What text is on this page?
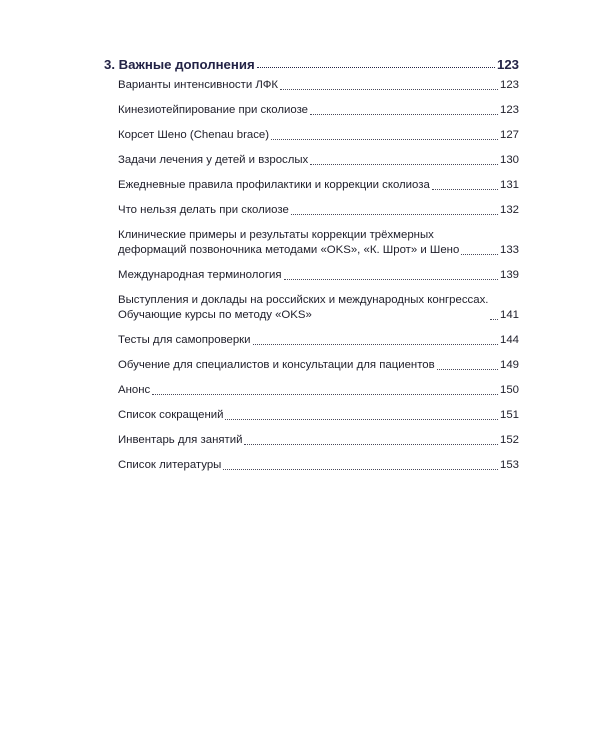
3. Важные дополнения	123
Варианты интенсивности ЛФК	123
Кинезиотейпирование при сколиозе	123
Корсет Шено (Chenau brace)	127
Задачи лечения у детей и взрослых	130
Ежедневные правила профилактики и коррекции сколиоза	131
Что нельзя делать при сколиозе	132
Клинические примеры и результаты коррекции трёхмерных
деформаций позвоночника методами «OKS», «К. Шрот» и Шено	133
Международная терминология	139
Выступления и доклады на российских и международных конгрессах.
Обучающие курсы по методу «OKS»	141
Тесты для самопроверки	144
Обучение для специалистов и консультации для пациентов	149
Анонс	150
Список сокращений	151
Инвентарь для занятий	152
Список литературы	153
